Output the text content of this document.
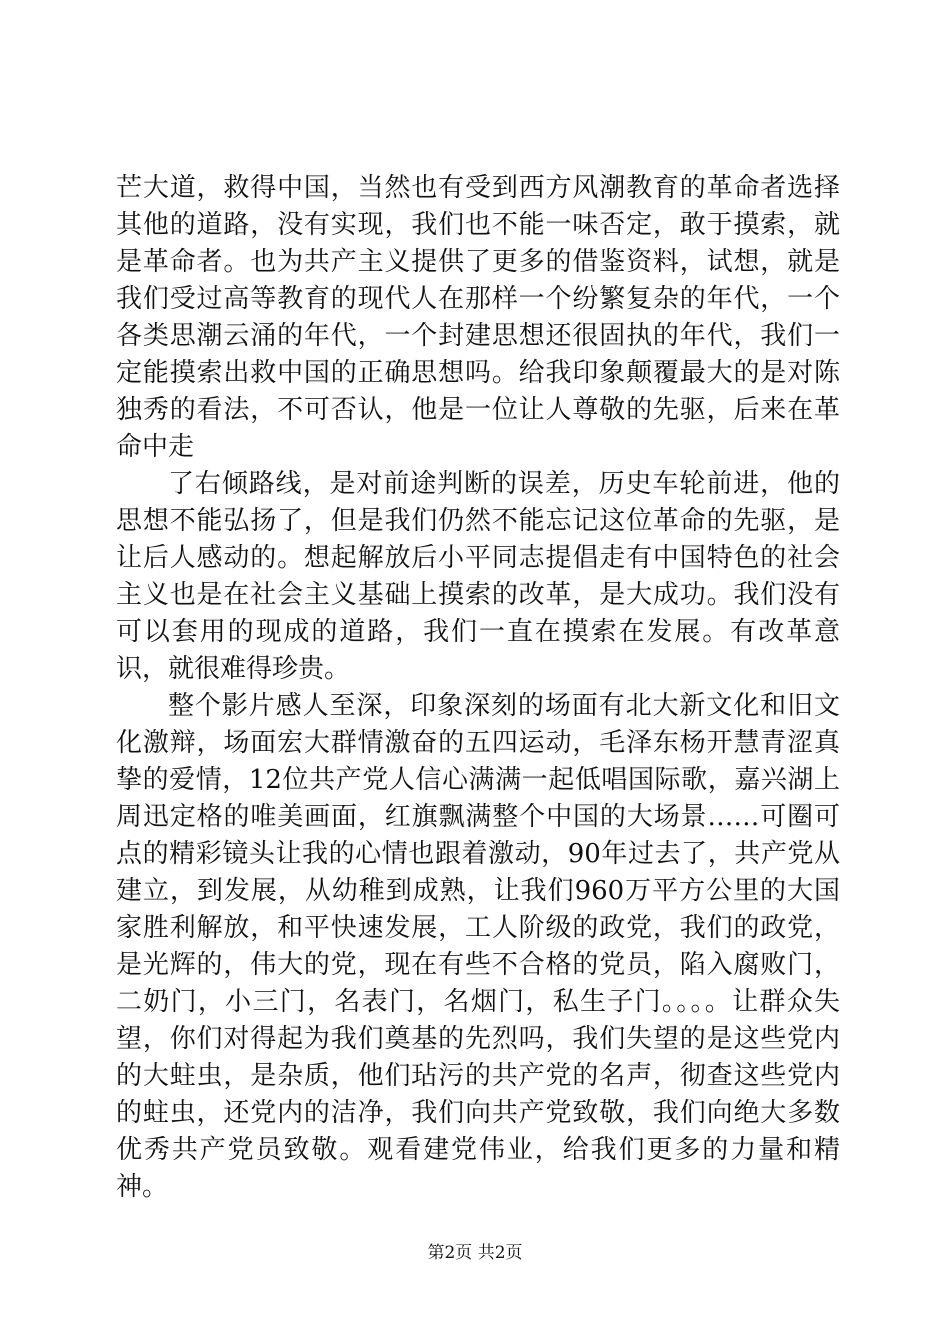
芒大道，救得中国，当然也有受到西方风潮教育的革命者选择其他的道路，没有实现，我们也不能一味否定，敢于摸索，就是革命者。也为共产主义提供了更多的借鉴资料，试想，就是我们受过高等教育的现代人在那样一个纷繁复杂的年代，一个各类思潮云涌的年代，一个封建思想还很固执的年代，我们一定能摸索出救中国的正确思想吗。给我印象颠覆最大的是对陈独秀的看法，不可否认，他是一位让人尊敬的先驱，后来在革命中走

了右倾路线，是对前途判断的误差，历史车轮前进，他的思想不能弘扬了，但是我们仍然不能忘记这位革命的先驱，是让后人感动的。想起解放后小平同志提倡走有中国特色的社会主义也是在社会主义基础上摸索的改革，是大成功。我们没有可以套用的现成的道路，我们一直在摸索在发展。有改革意识，就很难得珍贵。

整个影片感人至深，印象深刻的场面有北大新文化和旧文化激辩，场面宏大群情激奋的五四运动，毛泽东杨开慧青涩真挚的爱情，12位共产党人信心满满一起低唱国际歌，嘉兴湖上周迅定格的唯美画面，红旗飘满整个中国的大场景……可圈可点的精彩镜头让我的心情也跟着激动，90年过去了，共产党从建立，到发展，从幼稚到成熟，让我们960万平方公里的大国家胜利解放，和平快速发展，工人阶级的政党，我们的政党，是光辉的，伟大的党，现在有些不合格的党员，陷入腐败门，二奶门，小三门，名表门，名烟门，私生子门。。。。让群众失望，你们对得起为我们奠基的先烈吗，我们失望的是这些党内的大蛀虫，是杂质，他们玷污的共产党的名声，彻查这些党内的蛀虫，还党内的洁净，我们向共产党致敬，我们向绝大多数优秀共产党员致敬。观看建党伟业，给我们更多的力量和精神。

第2页 共2页
